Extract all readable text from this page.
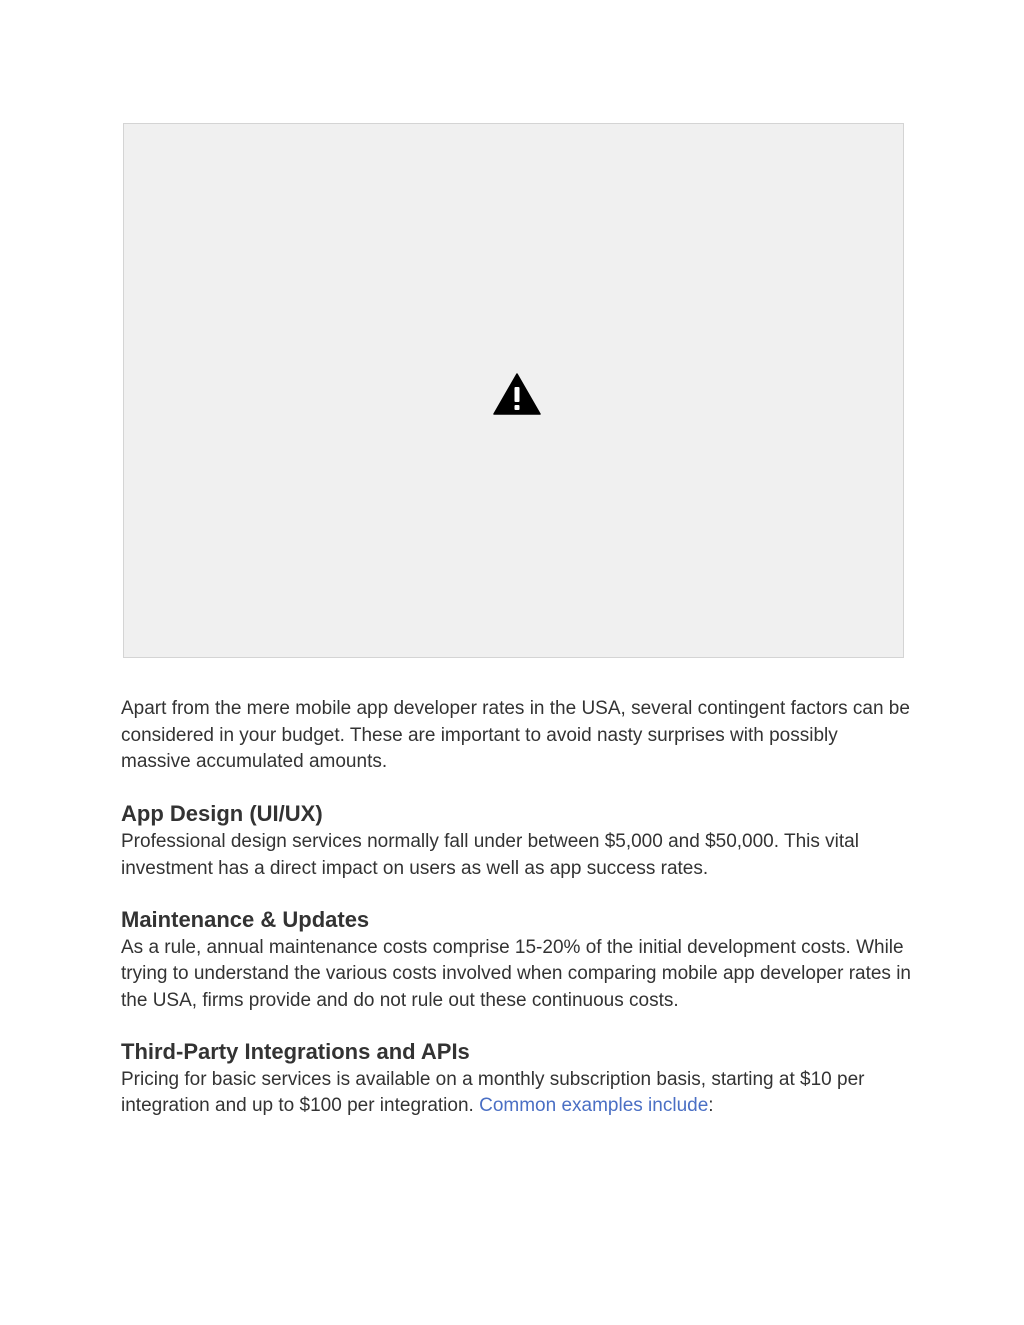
Apart from the mere mobile app developer rates in the USA, several contingent factors can be considered in your budget. These are important to avoid nasty surprises with possibly massive accumulated amounts.

App Design (UI/UX)

Professional design services normally fall under between $5,000 and $50,000. This vital investment has a direct impact on users as well as app success rates.

Maintenance & Updates

As a rule, annual maintenance costs comprise 15-20% of the initial development costs. While trying to understand the various costs involved when comparing mobile app developer rates in the USA, firms provide and do not rule out these continuous costs.

Third-Party Integrations and APIs

Pricing for basic services is available on a monthly subscription basis, starting at $10 per integration and up to $100 per integration. Common examples include:
